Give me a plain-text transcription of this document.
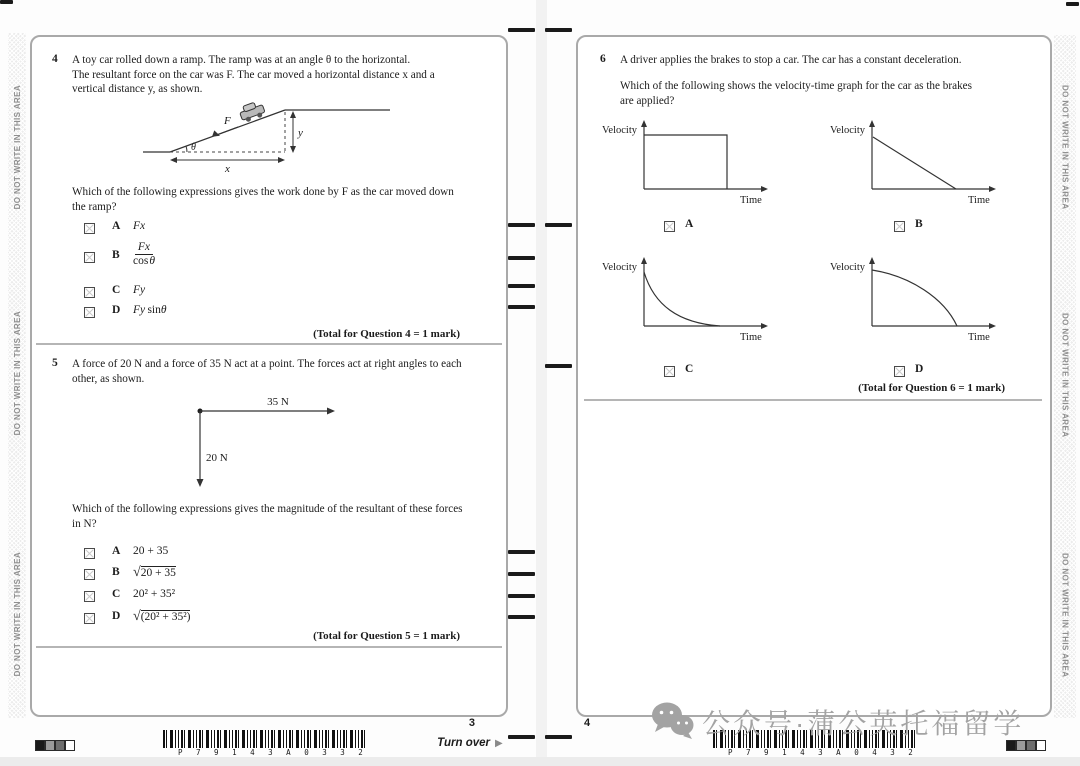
DO NOT WRITE IN THIS AREA
DO NOT WRITE IN THIS AREA
DO NOT WRITE IN THIS AREA
DO NOT WRITE IN THIS AREA
DO NOT WRITE IN THIS AREA
DO NOT WRITE IN THIS AREA
4 A toy car rolled down a ramp. The ramp was at an angle θ to the horizontal.
The resultant force on the car was F. The car moved a horizontal distance x and a
vertical distance y, as shown.
F
θ
y
x
Which of the following expressions gives the work done by F as the car moved down
the ramp?
A Fx
B $\frac{Fx}{\text{cos θ}}$
C Fy
D Fy  sinθ
(Total for Question 4 = 1 mark)
5 A force of 20 N and a force of 35 N act at a point. The forces act at right angles to each
other, as shown.
35 N
20 N
Which of the following expressions gives the magnitude of the resultant of these forces
in N?
A 20 + 35
B √20 + 35
C 20² + 35²
D √(20² + 35²)
(Total for Question 5 = 1 mark)
P 7 9 1 4 3 A 0 3 3 2
3
Turn over ▶
6 A driver applies the brakes to stop a car. The car has a constant deceleration.
Which of the following shows the velocity-time graph for the car as the brakes
are applied?
Velocity
Time
Velocity
Time
A	B
Velocity
Time
Velocity
Time
C	D
(Total for Question 6 = 1 mark)
4
P 7 9 1 4 3 A 0 4 3 2
公众号·蒲公英托福留学
